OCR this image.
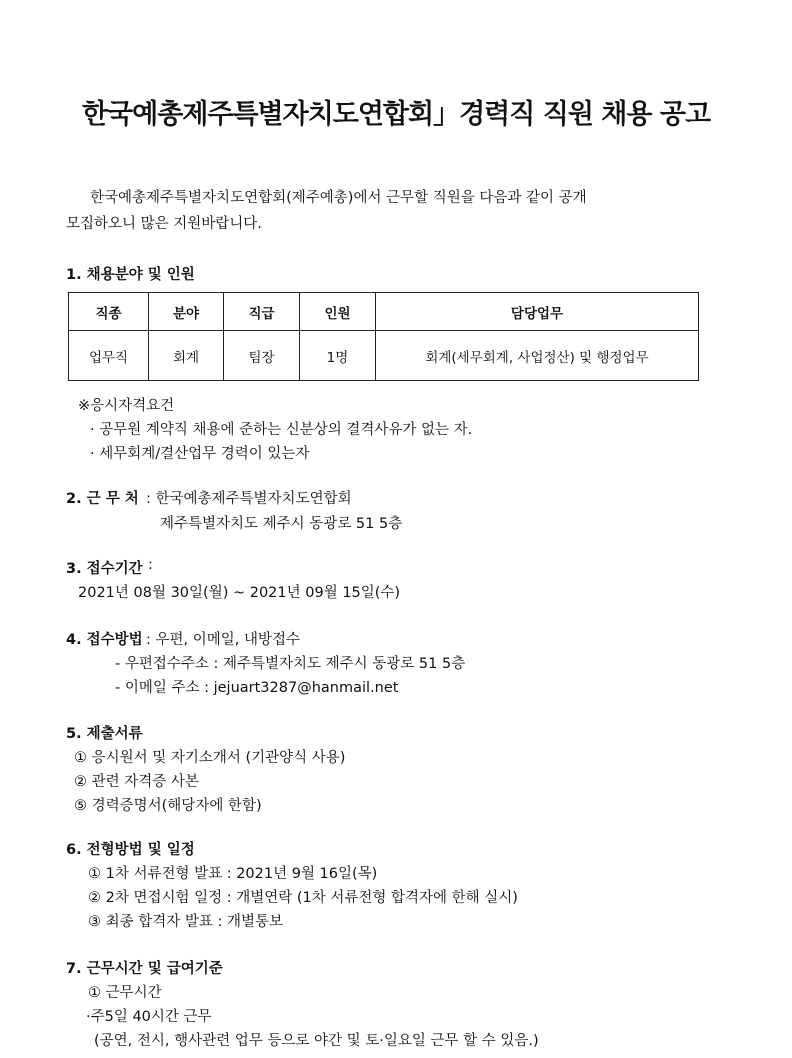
한국예총제주특별자치도연합회」경력직 직원 채용 공고
한국예총제주특별자치도연합회(제주예총)에서 근무할 직원을 다음과 같이 공개
모집하오니 많은 지원바랍니다.
1. 채용분야 및 인원
직종	분야	직급	인원	담당업무
업무직	회계	팀장	1명	회계(세무회계, 사업정산) 및 행정업무
※응시자격요건
· 공무원 계약직 채용에 준하는 신분상의 결격사유가 없는 자.
· 세무회계/결산업무 경력이 있는자
2. 근 무 처 : 한국예총제주특별자치도연합회
제주특별자치도 제주시 동광로 51 5층
3. 접수기간 :
2021년 08월 30일(월) ~ 2021년 09월 15일(수)
4. 접수방법 : 우편, 이메일, 내방접수
- 우편접수주소 : 제주특별자치도 제주시 동광로 51 5층
- 이메일 주소 : jejuart3287@hanmail.net
5. 제출서류
① 응시원서 및 자기소개서 (기관양식 사용)
② 관련 자격증 사본
⑤ 경력증명서(해당자에 한함)
6. 전형방법 및 일정
① 1차 서류전형 발표 : 2021년 9월 16일(목)
② 2차 면접시험 일정 : 개별연락 (1차 서류전형 합격자에 한해 실시)
③ 최종 합격자 발표 : 개별통보
7. 근무시간 및 급여기준
① 근무시간
·주5일 40시간 근무
(공연, 전시, 행사관련 업무 등으로 야간 및 토·일요일 근무 할 수 있음.)
